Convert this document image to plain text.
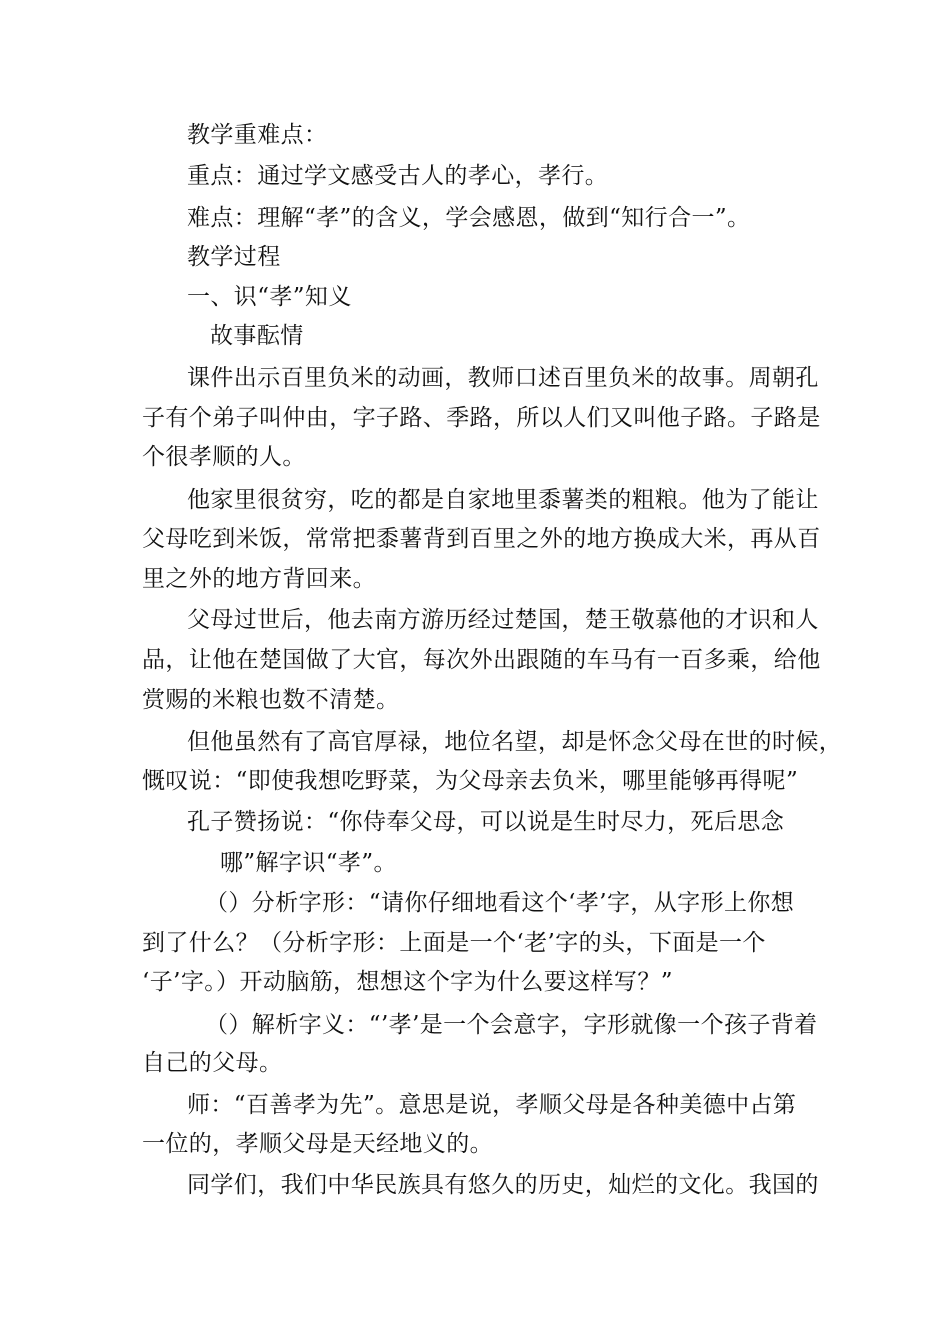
教学重难点：
重点：通过学文感受古人的孝心，孝行。
难点：理解“孝”的含义，学会感恩，做到“知行合一”。
教学过程
一、识“孝”知义
故事酝情
课件出示百里负米的动画，教师口述百里负米的故事。周朝孔
子有个弟子叫仲由，字子路、季路，所以人们又叫他子路。子路是
个很孝顺的人。
他家里很贫穷，吃的都是自家地里黍薯类的粗粮。他为了能让
父母吃到米饭，常常把黍薯背到百里之外的地方换成大米，再从百
里之外的地方背回来。
父母过世后，他去南方游历经过楚国，楚王敬慕他的才识和人
品，让他在楚国做了大官，每次外出跟随的车马有一百多乘，给他
赏赐的米粮也数不清楚。
但他虽然有了高官厚禄，地位名望，却是怀念父母在世的时候，
慨叹说：“即使我想吃野菜，为父母亲去负米，哪里能够再得呢”
孔子赞扬说：“你侍奉父母，可以说是生时尽力，死后思念
哪”解字识“孝”。
（）分析字形：“请你仔细地看这个‘孝’字，从字形上你想
到了什么？（分析字形：上面是一个‘老’字的头，下面是一个
‘子’字。）开动脑筋，想想这个字为什么要这样写？”
（）解析字义：“’孝’是一个会意字，字形就像一个孩子背着
自己的父母。
师：“百善孝为先”。意思是说，孝顺父母是各种美德中占第
一位的，孝顺父母是天经地义的。
同学们，我们中华民族具有悠久的历史，灿烂的文化。我国的
